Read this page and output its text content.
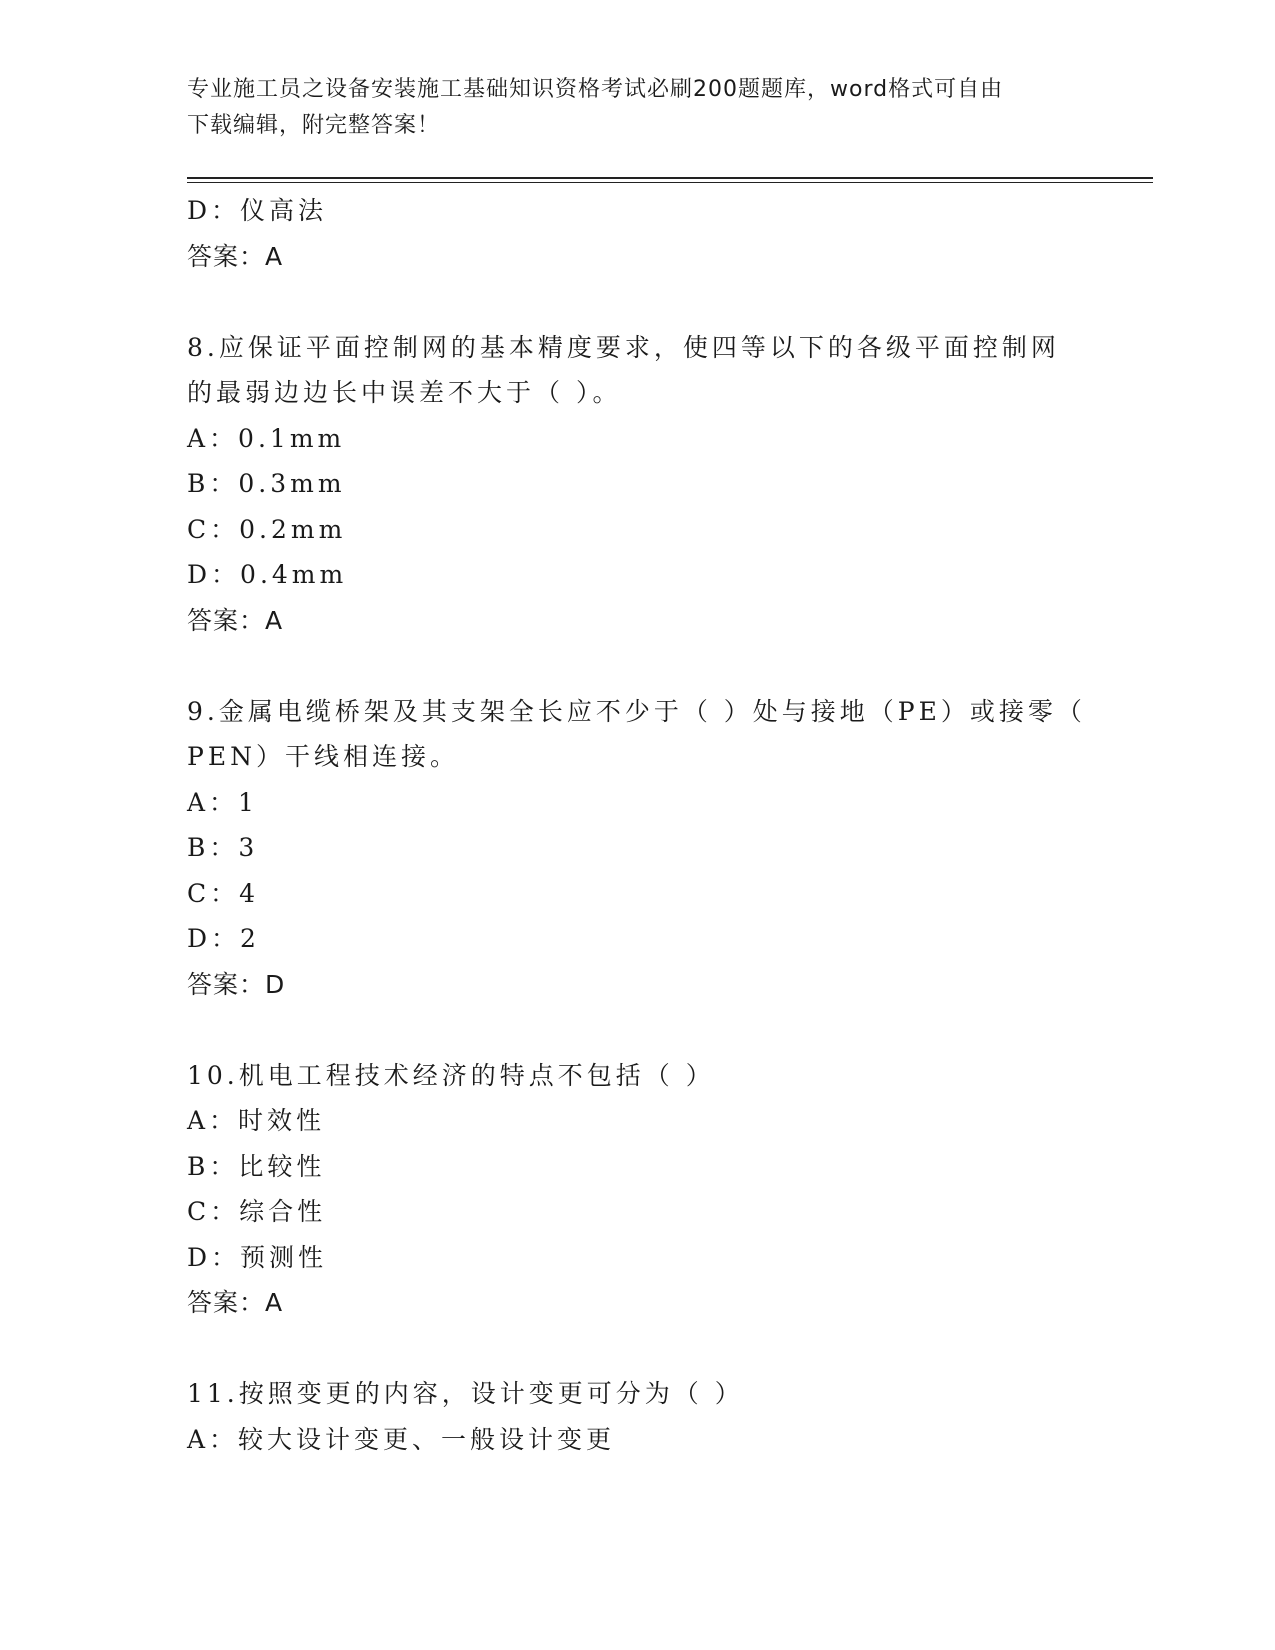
专业施工员之设备安装施工基础知识资格考试必刷200题题库，word格式可自由
下载编辑，附完整答案！
D：仪高法
答案：A
8.应保证平面控制网的基本精度要求，使四等以下的各级平面控制网
的最弱边边长中误差不大于（ ）。
A：0.1mm
B：0.3mm
C：0.2mm
D：0.4mm
答案：A
9.金属电缆桥架及其支架全长应不少于（ ）处与接地（PE）或接零（
PEN）干线相连接。
A：1
B：3
C：4
D：2
答案：D
10.机电工程技术经济的特点不包括（ ）
A：时效性
B：比较性
C：综合性
D：预测性
答案：A
11.按照变更的内容，设计变更可分为（ ）
A：较大设计变更、一般设计变更
